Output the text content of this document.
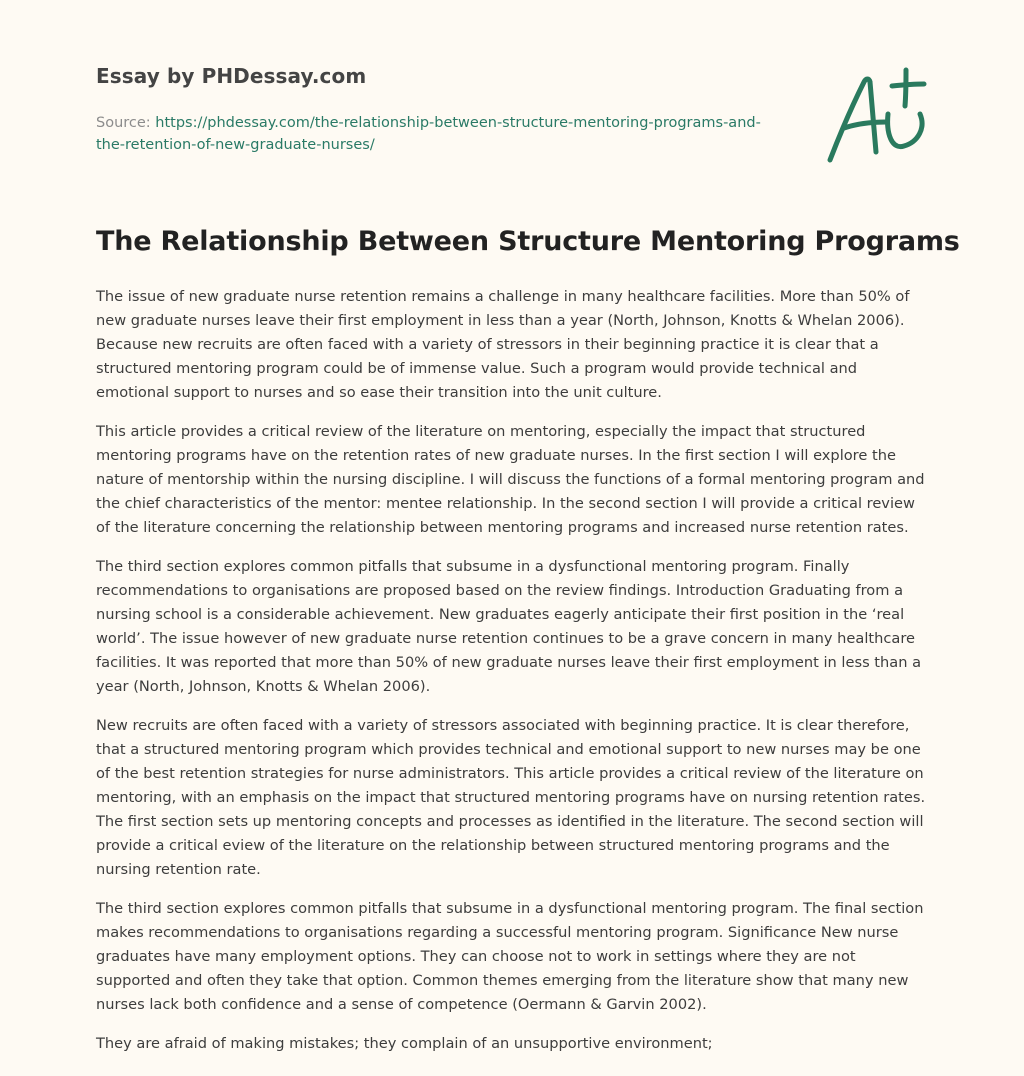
Essay by PHDessay.com

Source: https://phdessay.com/the-relationship-between-structure-mentoring-programs-and-the-retention-of-new-graduate-nurses/

The Relationship Between Structure Mentoring Programs

The issue of new graduate nurse retention remains a challenge in many healthcare facilities. More than 50% of new graduate nurses leave their first employment in less than a year (North, Johnson, Knotts & Whelan 2006). Because new recruits are often faced with a variety of stressors in their beginning practice it is clear that a structured mentoring program could be of immense value. Such a program would provide technical and emotional support to nurses and so ease their transition into the unit culture.

This article provides a critical review of the literature on mentoring, especially the impact that structured mentoring programs have on the retention rates of new graduate nurses. In the first section I will explore the nature of mentorship within the nursing discipline. I will discuss the functions of a formal mentoring program and the chief characteristics of the mentor: mentee relationship. In the second section I will provide a critical review of the literature concerning the relationship between mentoring programs and increased nurse retention rates.

The third section explores common pitfalls that subsume in a dysfunctional mentoring program. Finally recommendations to organisations are proposed based on the review findings. Introduction Graduating from a nursing school is a considerable achievement. New graduates eagerly anticipate their first position in the ‘real world’. The issue however of new graduate nurse retention continues to be a grave concern in many healthcare facilities. It was reported that more than 50% of new graduate nurses leave their first employment in less than a year (North, Johnson, Knotts & Whelan 2006).

New recruits are often faced with a variety of stressors associated with beginning practice. It is clear therefore, that a structured mentoring program which provides technical and emotional support to new nurses may be one of the best retention strategies for nurse administrators. This article provides a critical review of the literature on mentoring, with an emphasis on the impact that structured mentoring programs have on nursing retention rates. The first section sets up mentoring concepts and processes as identified in the literature. The second section will provide a critical eview of the literature on the relationship between structured mentoring programs and the nursing retention rate.

The third section explores common pitfalls that subsume in a dysfunctional mentoring program. The final section makes recommendations to organisations regarding a successful mentoring program. Significance New nurse graduates have many employment options. They can choose not to work in settings where they are not supported and often they take that option. Common themes emerging from the literature show that many new nurses lack both confidence and a sense of competence (Oermann & Garvin 2002).

They are afraid of making mistakes; they complain of an unsupportive environment;
